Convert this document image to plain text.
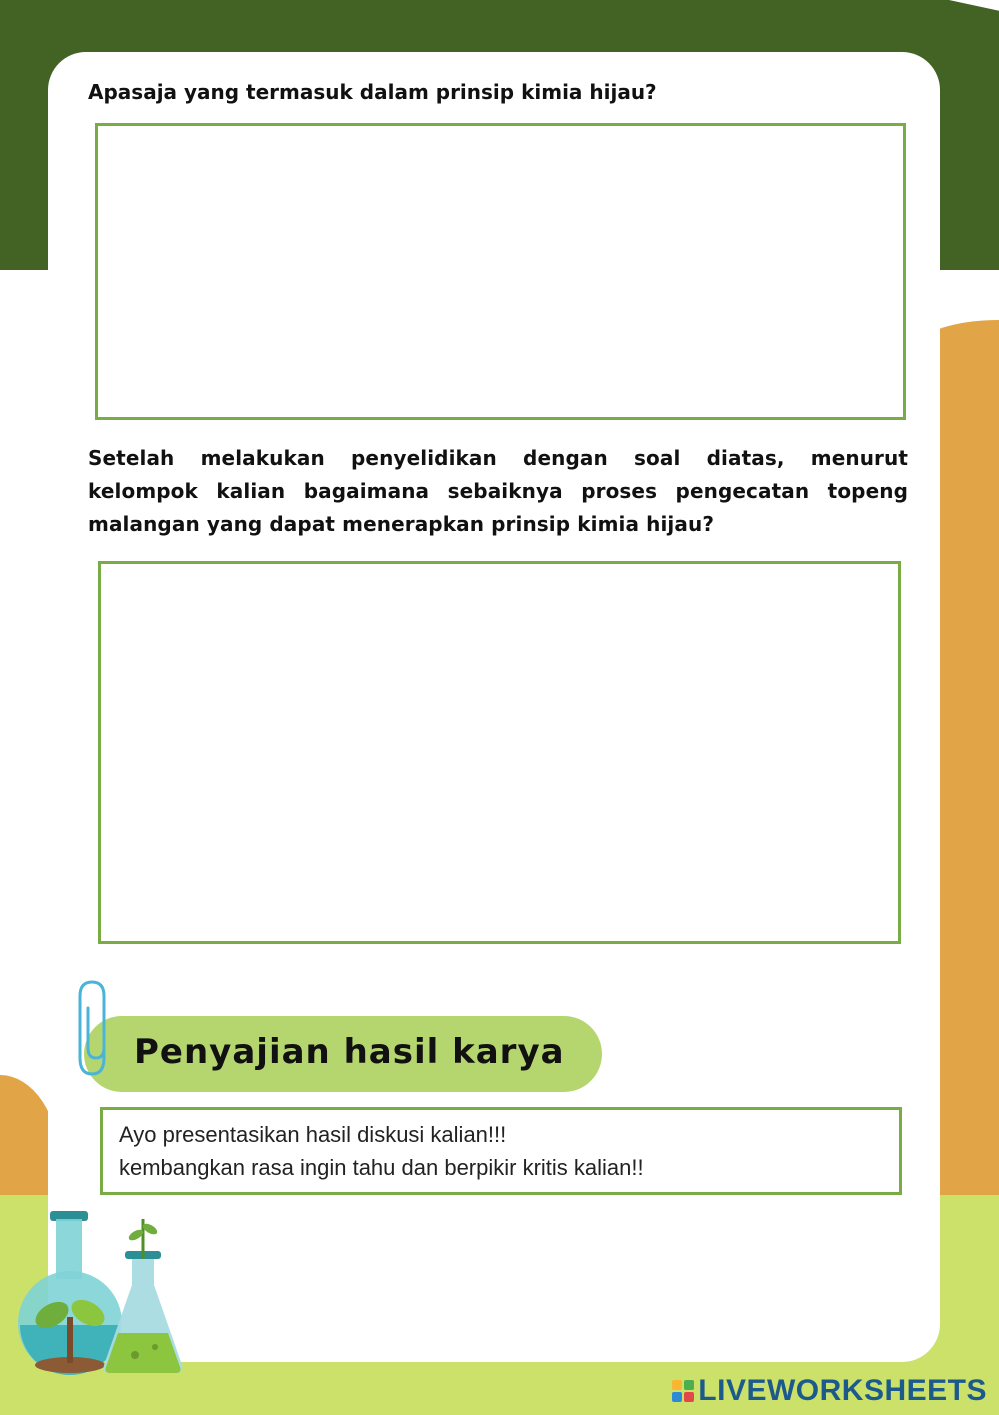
Apasaja yang termasuk dalam prinsip kimia hijau?

Setelah melakukan penyelidikan dengan soal diatas, menurut kelompok kalian bagaimana sebaiknya proses pengecatan topeng malangan yang dapat menerapkan prinsip kimia hijau?

Penyajian hasil karya

Ayo presentasikan hasil diskusi kalian!!!

kembangkan rasa ingin tahu dan berpikir kritis kalian!!

LIVEWORKSHEETS
